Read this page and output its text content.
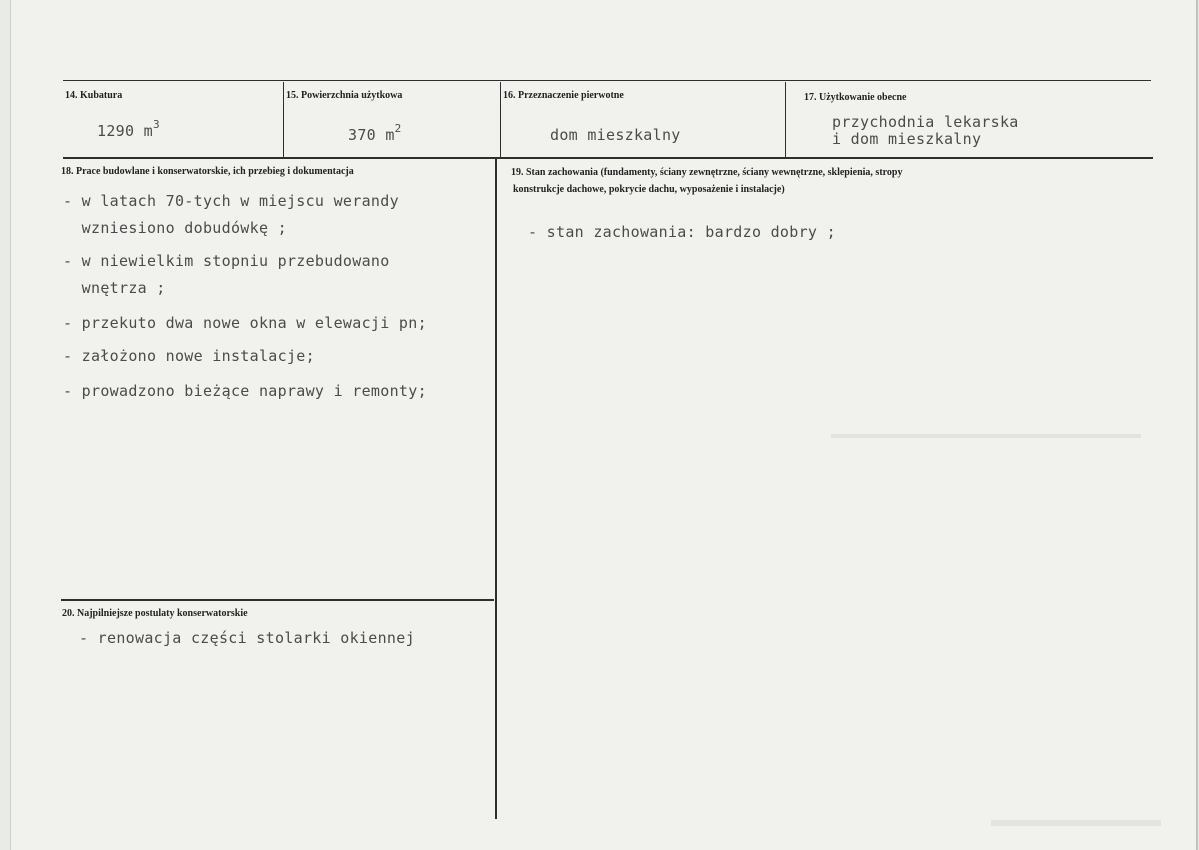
14. Kubatura
1290 $m^3$
15. Powierzchnia użytkowa
370 $m^2$
16. Przeznaczenie pierwotne
dom mieszkalny
17. Użytkowanie obecne
przychodnia lekarska
i dom mieszkalny
18. Prace budowlane i konserwatorskie, ich przebieg i dokumentacja
- w latach 70-tych w miejscu werandy
wzniesiono dobudówkę ;
- w niewielkim stopniu przebudowano
wnętrza ;
- przekuto dwa nowe okna w elewacji pn;
- założono nowe instalacje;
- prowadzono bieżące naprawy i remonty;
19. Stan zachowania (fundamenty, ściany zewnętrzne, ściany wewnętrzne, sklepienia, stropy
konstrukcje dachowe, pokrycie dachu, wyposażenie i instalacje)
- stan zachowania: bardzo dobry ;
20. Najpilniejsze postulaty konserwatorskie
- renowacja części stolarki okiennej
